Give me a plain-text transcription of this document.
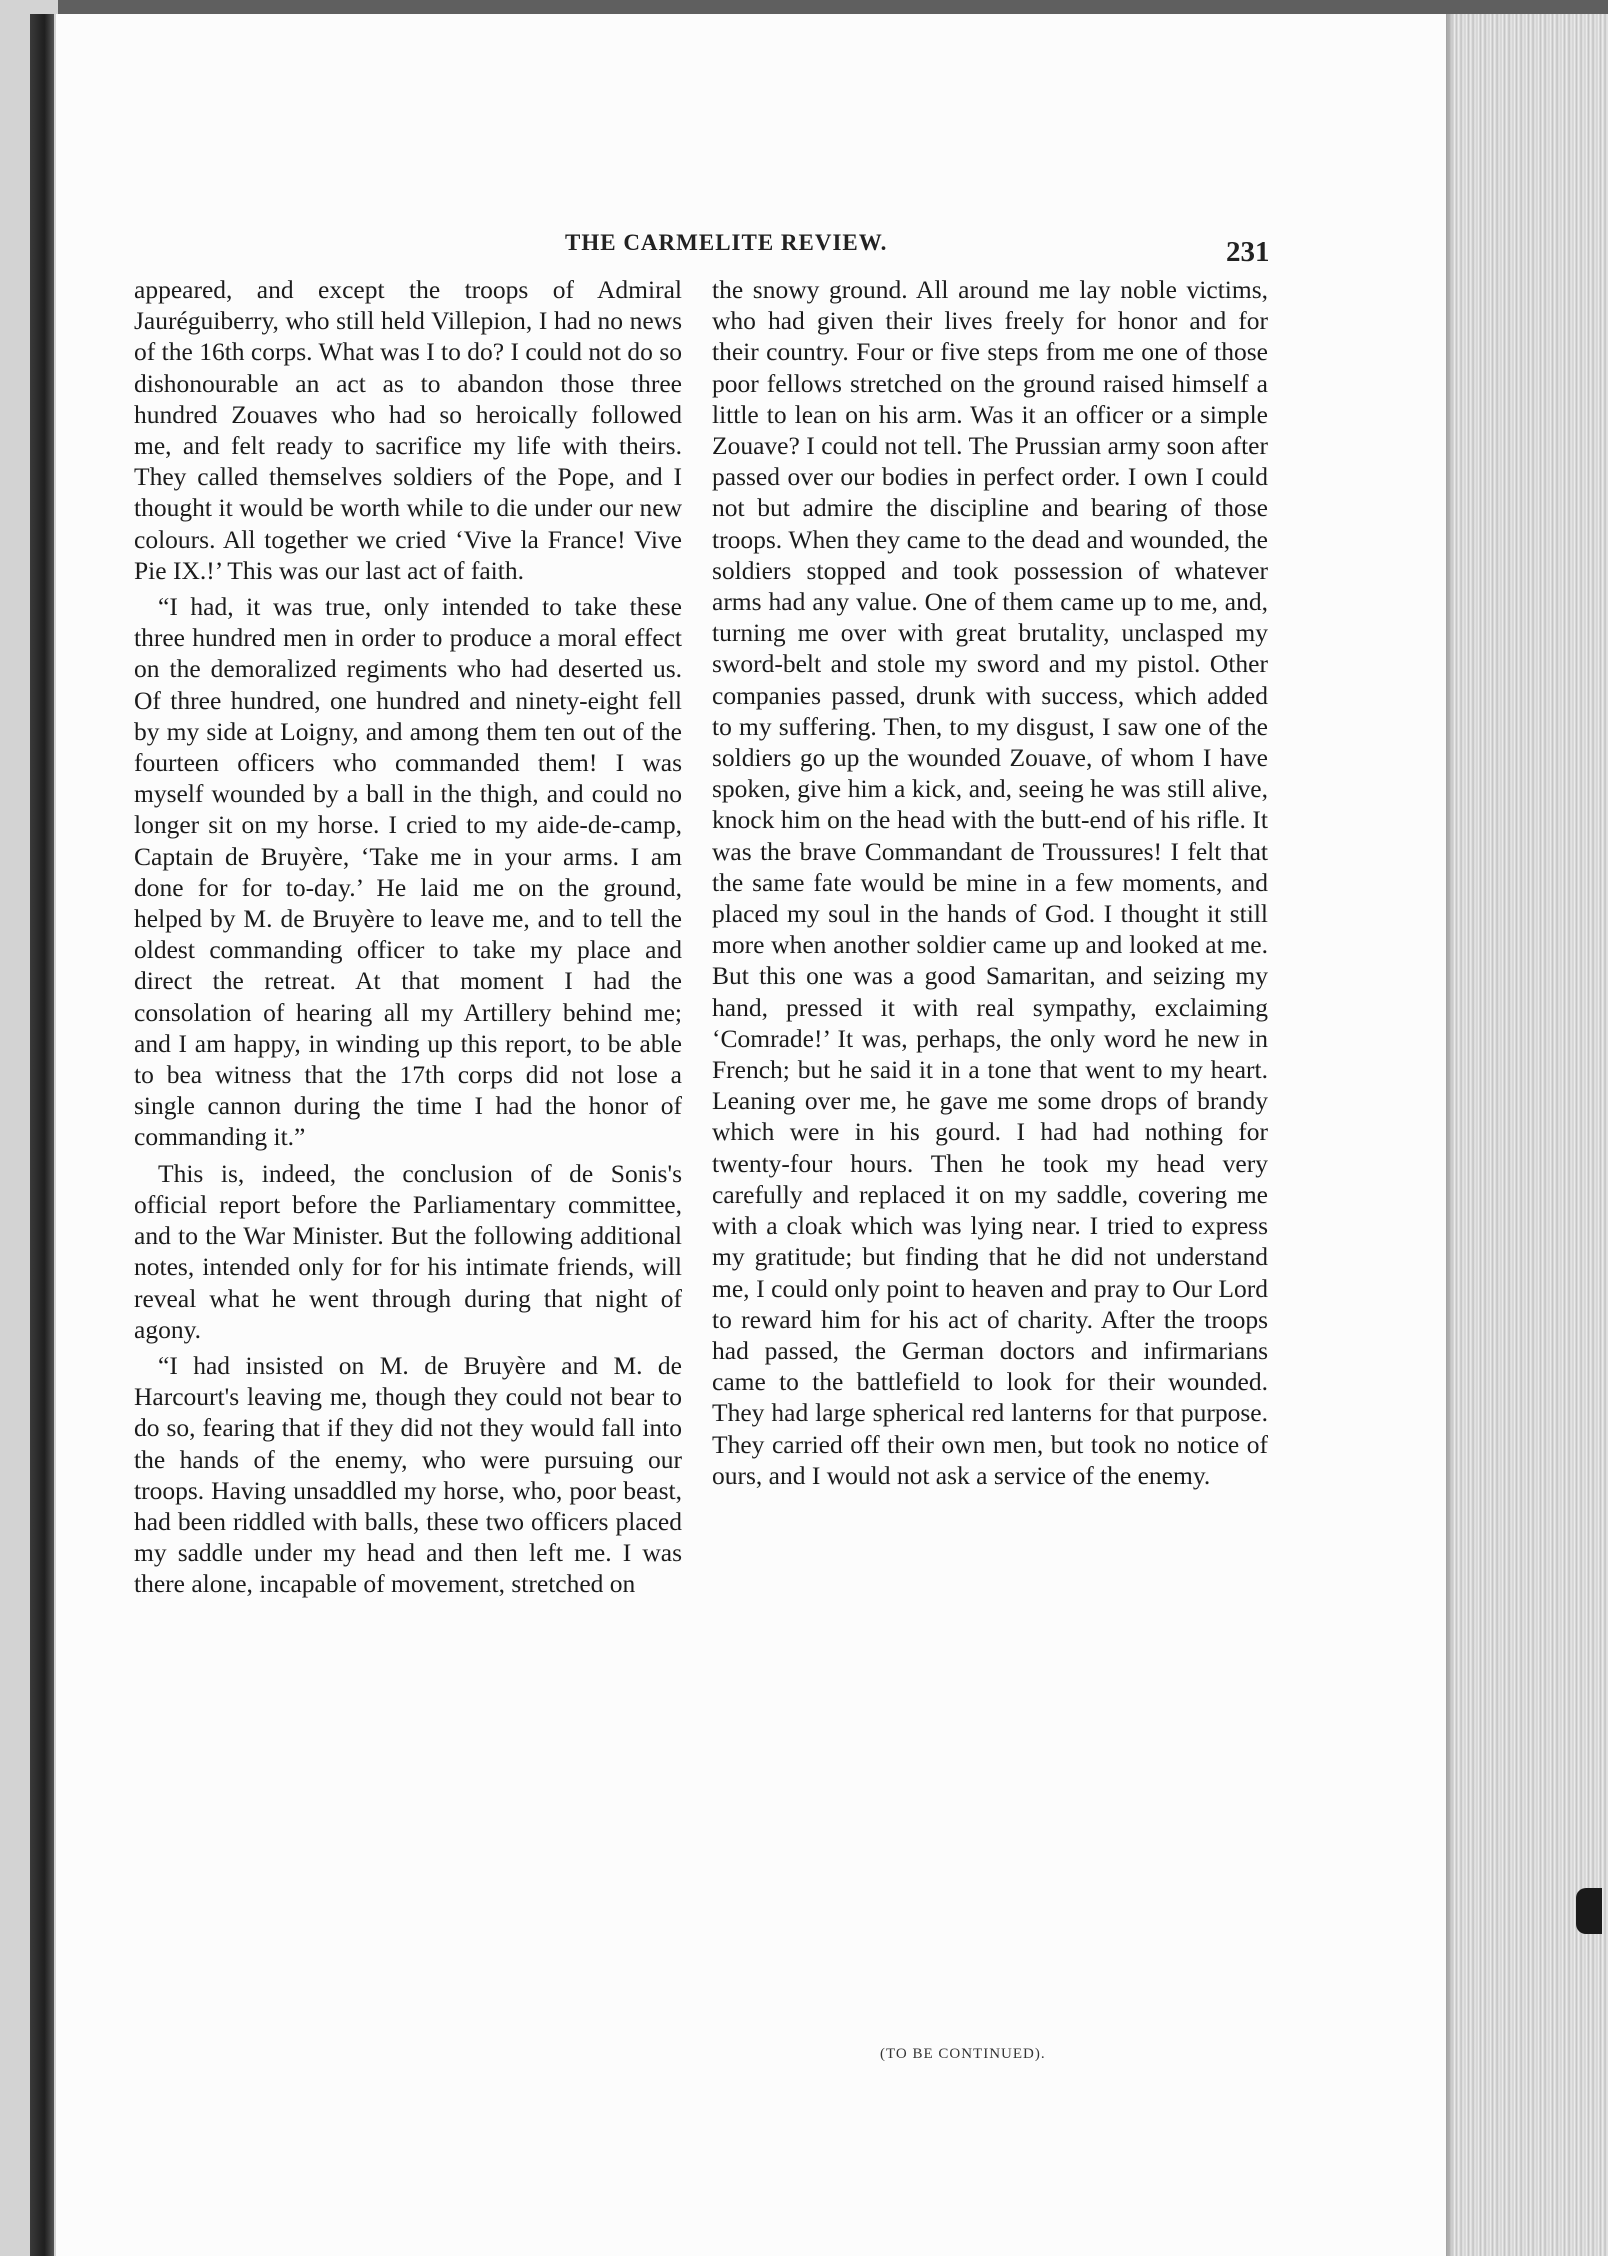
THE CARMELITE REVIEW.	231

appeared, and except the troops of Admiral Jauréguiberry, who still held Villepion, I had no news of the 16th corps. What was I to do? I could not do so dishonourable an act as to abandon those three hundred Zouaves who had so heroically followed me, and felt ready to sacrifice my life with theirs. They called themselves soldiers of the Pope, and I thought it would be worth while to die under our new colours. All together we cried ‘Vive la France! Vive Pie IX.!’ This was our last act of faith.

“I had, it was true, only intended to take these three hundred men in order to produce a moral effect on the demoralized regiments who had deserted us. Of three hundred, one hundred and ninety-eight fell by my side at Loigny, and among them ten out of the fourteen officers who commanded them! I was myself wounded by a ball in the thigh, and could no longer sit on my horse. I cried to my aide-de-camp, Captain de Bruyère, ‘Take me in your arms. I am done for for to-day.’ He laid me on the ground, helped by M. de Bruyère to leave me, and to tell the oldest commanding officer to take my place and direct the retreat. At that moment I had the consolation of hearing all my Artillery behind me; and I am happy, in winding up this report, to be able to bea witness that the 17th corps did not lose a single cannon during the time I had the honor of commanding it.”

This is, indeed, the conclusion of de Sonis's official report before the Parliamentary committee, and to the War Minister. But the following additional notes, intended only for for his intimate friends, will reveal what he went through during that night of agony.

“I had insisted on M. de Bruyère and M. de Harcourt's leaving me, though they could not bear to do so, fearing that if they did not they would fall into the hands of the enemy, who were pursuing our troops. Having unsaddled my horse, who, poor beast, had been riddled with balls, these two officers placed my saddle under my head and then left me. I was there alone, incapable of movement, stretched on

the snowy ground. All around me lay noble victims, who had given their lives freely for honor and for their country. Four or five steps from me one of those poor fellows stretched on the ground raised himself a little to lean on his arm. Was it an officer or a simple Zouave? I could not tell. The Prussian army soon after passed over our bodies in perfect order. I own I could not but admire the discipline and bearing of those troops. When they came to the dead and wounded, the soldiers stopped and took possession of whatever arms had any value. One of them came up to me, and, turning me over with great brutality, unclasped my sword-belt and stole my sword and my pistol. Other companies passed, drunk with success, which added to my suffering. Then, to my disgust, I saw one of the soldiers go up the wounded Zouave, of whom I have spoken, give him a kick, and, seeing he was still alive, knock him on the head with the butt-end of his rifle. It was the brave Commandant de Troussures! I felt that the same fate would be mine in a few moments, and placed my soul in the hands of God. I thought it still more when another soldier came up and looked at me. But this one was a good Samaritan, and seizing my hand, pressed it with real sympathy, exclaiming ‘Comrade!’ It was, perhaps, the only word he new in French; but he said it in a tone that went to my heart. Leaning over me, he gave me some drops of brandy which were in his gourd. I had had nothing for twenty-four hours. Then he took my head very carefully and replaced it on my saddle, covering me with a cloak which was lying near. I tried to express my gratitude; but finding that he did not understand me, I could only point to heaven and pray to Our Lord to reward him for his act of charity. After the troops had passed, the German doctors and infirmarians came to the battlefield to look for their wounded. They had large spherical red lanterns for that purpose. They carried off their own men, but took no notice of ours, and I would not ask a service of the enemy.

(TO BE CONTINUED).
